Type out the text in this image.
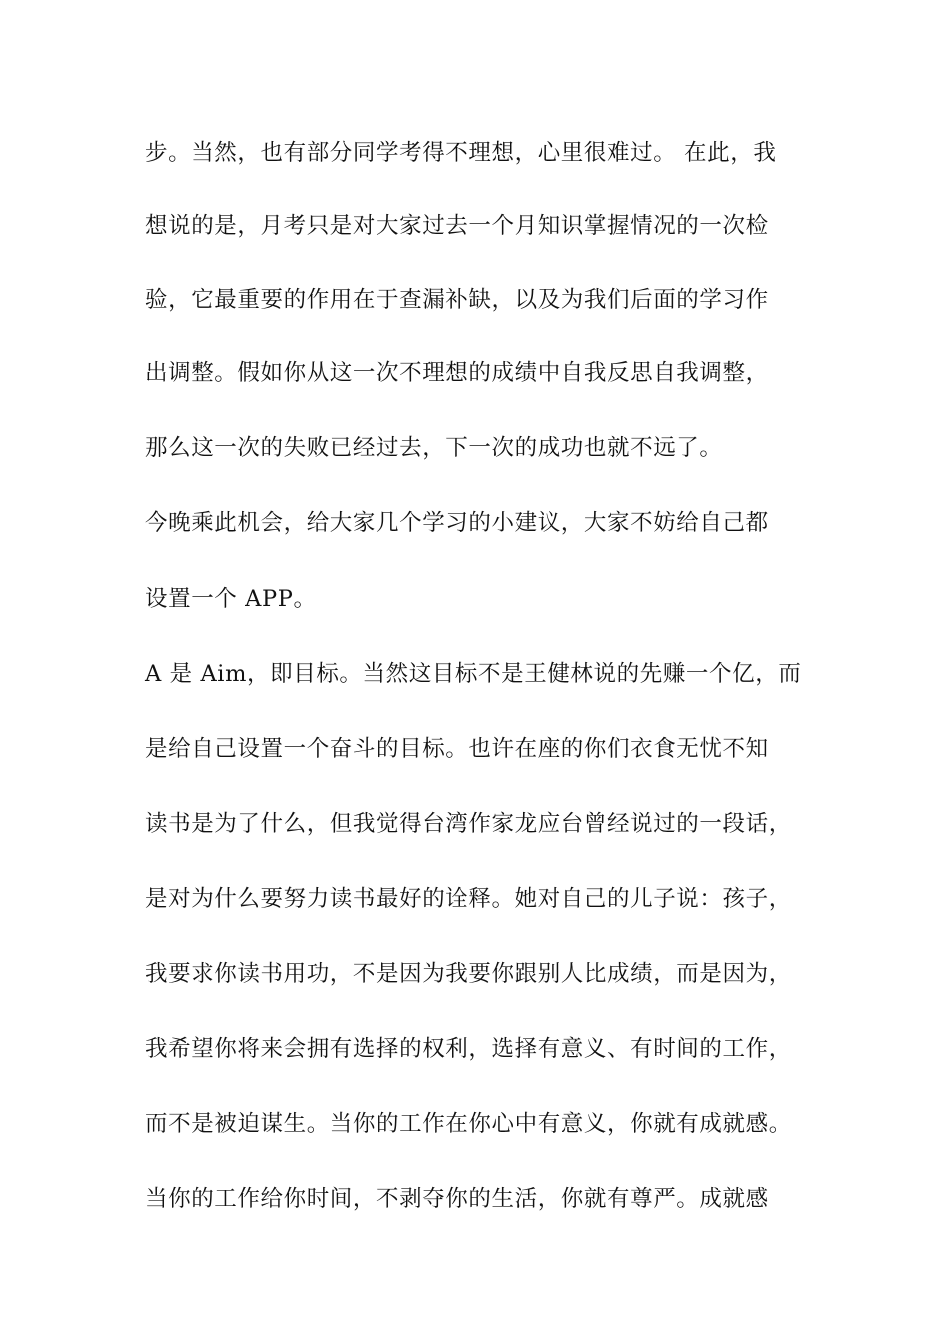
步。当然，也有部分同学考得不理想，心里很难过。 在此，我
想说的是，月考只是对大家过去一个月知识掌握情况的一次检
验，它最重要的作用在于查漏补缺，以及为我们后面的学习作
出调整。假如你从这一次不理想的成绩中自我反思自我调整，
那么这一次的失败已经过去，下一次的成功也就不远了。
今晚乘此机会，给大家几个学习的小建议，大家不妨给自己都
设置一个 APP。
A 是 Aim，即目标。当然这目标不是王健林说的先赚一个亿，而
是给自己设置一个奋斗的目标。也许在座的你们衣食无忧不知
读书是为了什么，但我觉得台湾作家龙应台曾经说过的一段话，
是对为什么要努力读书最好的诠释。她对自己的儿子说：孩子，
我要求你读书用功，不是因为我要你跟别人比成绩，而是因为，
我希望你将来会拥有选择的权利，选择有意义、有时间的工作，
而不是被迫谋生。当你的工作在你心中有意义，你就有成就感。
当你的工作给你时间，不剥夺你的生活，你就有尊严。成就感
